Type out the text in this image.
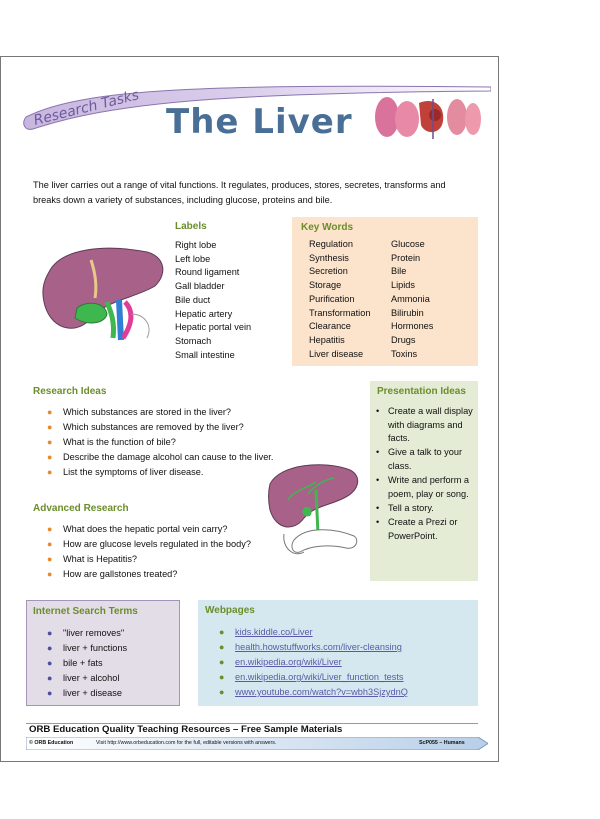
Research Tasks The Liver
The liver carries out a range of vital functions. It regulates, produces, stores, secretes, transforms and breaks down a variety of substances, including glucose, proteins and bile.
Labels
Right lobe
Left lobe
Round ligament
Gall bladder
Bile duct
Hepatic artery
Hepatic portal vein
Stomach
Small intestine
Key Words
Regulation
Synthesis
Secretion
Storage
Purification
Transformation
Clearance
Hepatitis
Liver disease
Glucose
Protein
Bile
Lipids
Ammonia
Bilirubin
Hormones
Drugs
Toxins
Research Ideas
● Which substances are stored in the liver?
● Which substances are removed by the liver?
● What is the function of bile?
● Describe the damage alcohol can cause to the liver.
● List the symptoms of liver disease.
Advanced Research
● What does the hepatic portal vein carry?
● How are glucose levels regulated in the body?
● What is Hepatitis?
● How are gallstones treated?
Presentation Ideas
• Create a wall display with diagrams and facts.
• Give a talk to your class.
• Write and perform a poem, play or song.
• Tell a story.
• Create a Prezi or PowerPoint.
Internet Search Terms
● "liver removes"
● liver + functions
● bile + fats
● liver + alcohol
● liver + disease
Webpages
● kids.kiddle.co/Liver
● health.howstuffworks.com/liver-cleansing
● en.wikipedia.org/wiki/Liver
● en.wikipedia.org/wiki/Liver_function_tests
● www.youtube.com/watch?v=wbh3SjzydnQ
ORB Education Quality Teaching Resources – Free Sample Materials
© ORB Education	Visit http://www.orbeducation.com for the full, editable versions with answers.	ScP055 – Humans
